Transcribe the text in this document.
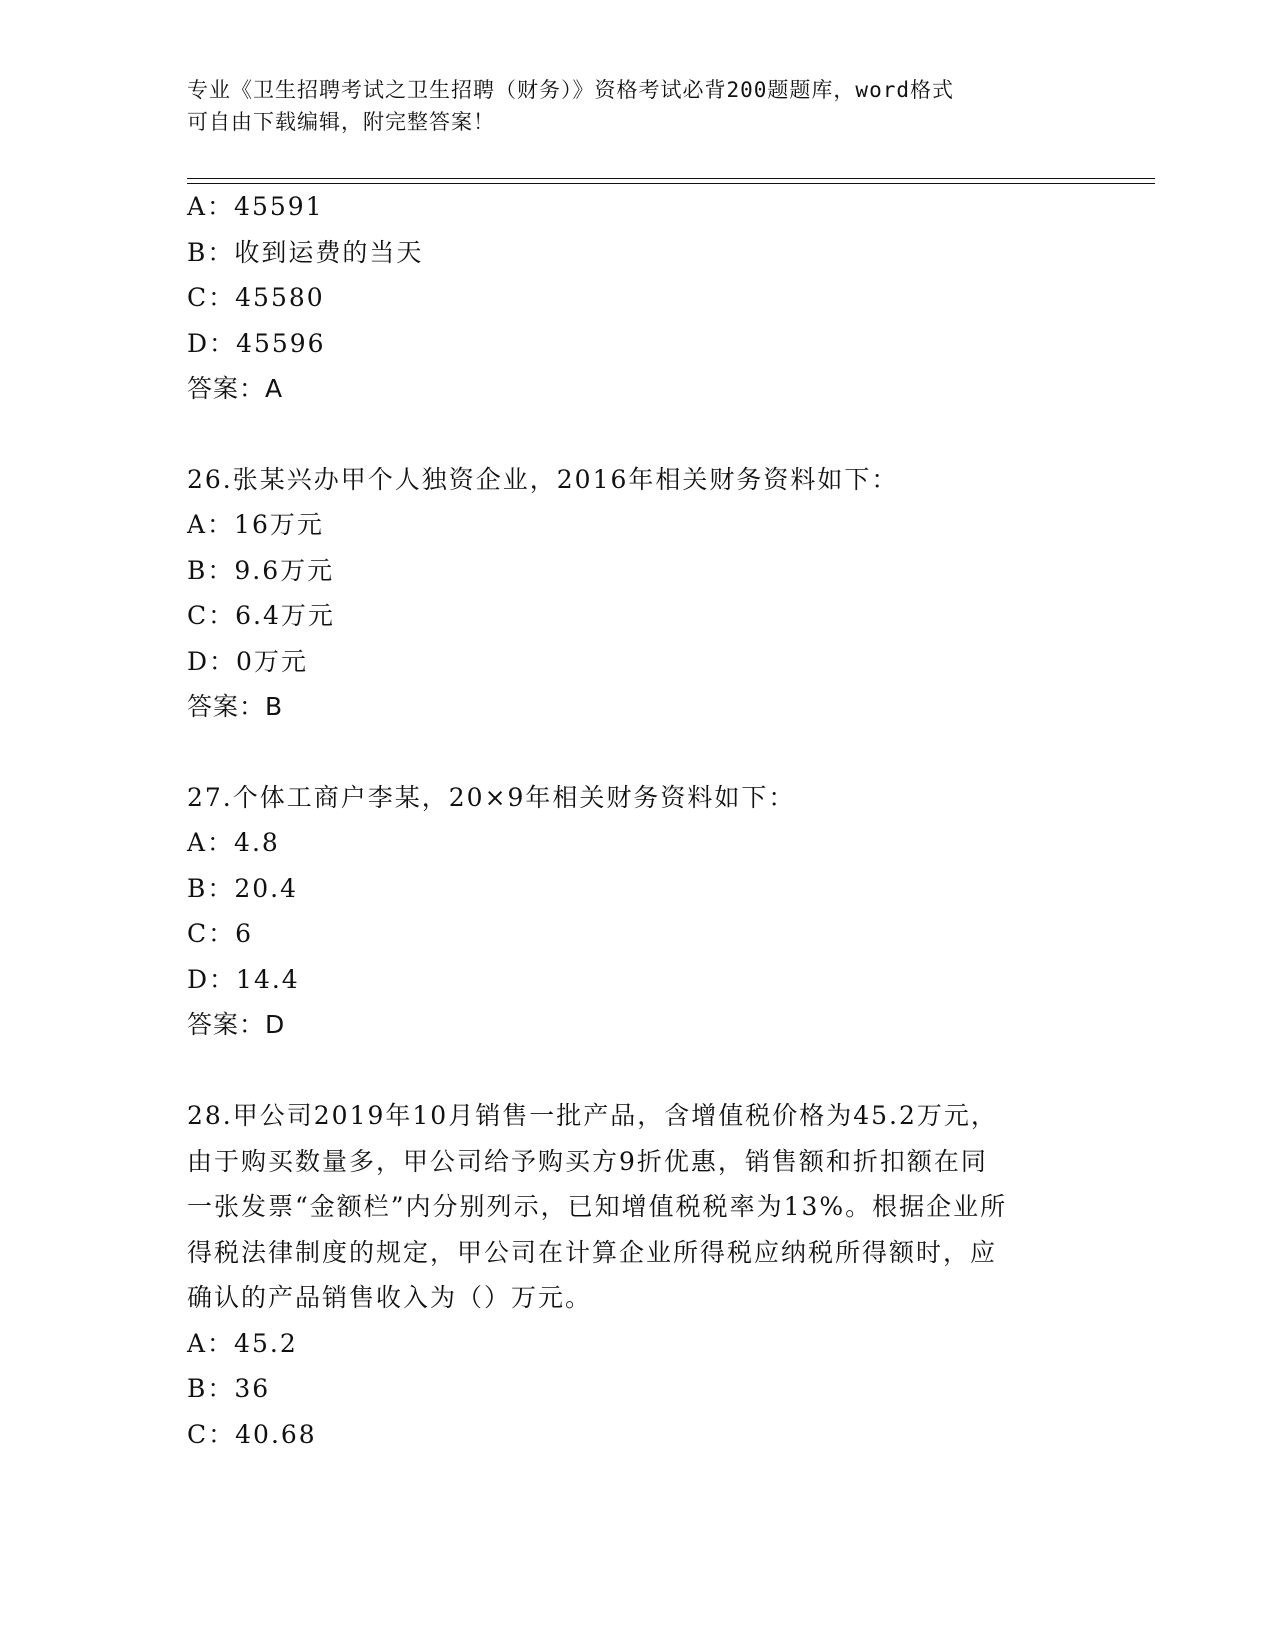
专业《卫生招聘考试之卫生招聘（财务）》资格考试必背200题题库，word格式
可自由下载编辑，附完整答案！
A：45591
B：收到运费的当天
C：45580
D：45596
答案：A
26.张某兴办甲个人独资企业，2016年相关财务资料如下：
A：16万元
B：9.6万元
C：6.4万元
D：0万元
答案：B
27.个体工商户李某，20×9年相关财务资料如下：
A：4.8
B：20.4
C：6
D：14.4
答案：D
28.甲公司2019年10月销售一批产品，含增值税价格为45.2万元，
由于购买数量多，甲公司给予购买方9折优惠，销售额和折扣额在同
一张发票“金额栏”内分别列示，已知增值税税率为13%。根据企业所
得税法律制度的规定，甲公司在计算企业所得税应纳税所得额时，应
确认的产品销售收入为（）万元。
A：45.2
B：36
C：40.68
